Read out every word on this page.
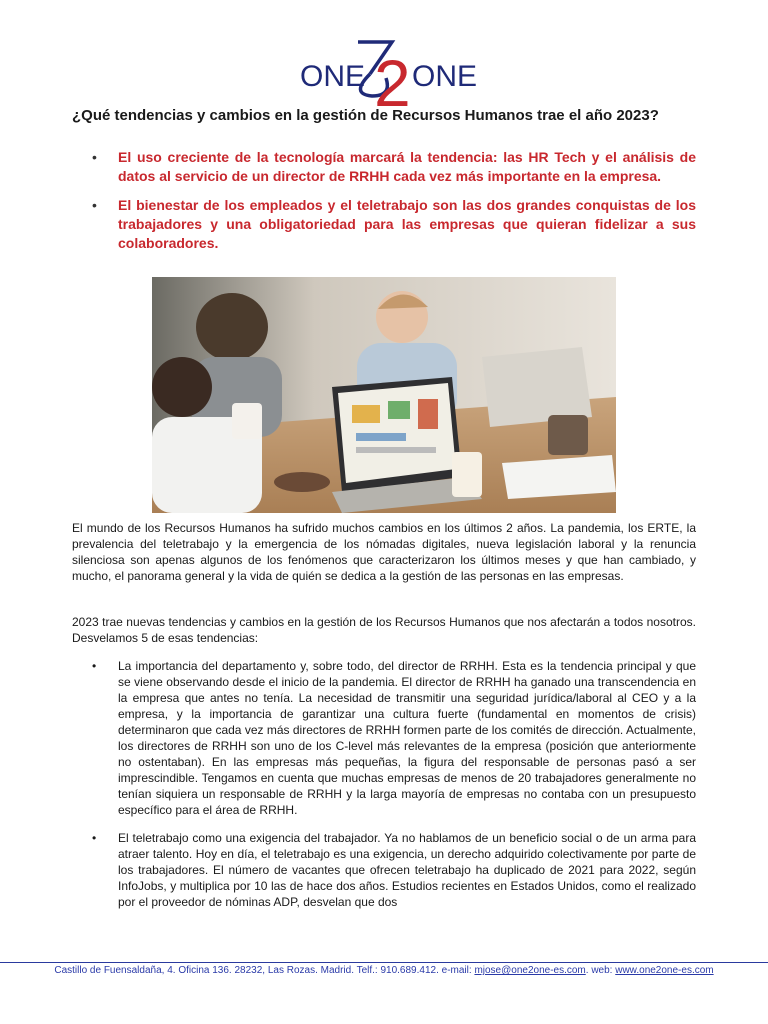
ONE 2 ONE
¿Qué tendencias y cambios en la gestión de Recursos Humanos trae el año 2023?
• El uso creciente de la tecnología marcará la tendencia: las HR Tech y el análisis de datos al servicio de un director de RRHH cada vez más importante en la empresa.
• El bienestar de los empleados y el teletrabajo son las dos grandes conquistas de los trabajadores y una obligatoriedad para las empresas que quieran fidelizar a sus colaboradores.

El mundo de los Recursos Humanos ha sufrido muchos cambios en los últimos 2 años. La pandemia, los ERTE, la prevalencia del teletrabajo y la emergencia de los nómadas digitales, nueva legislación laboral y la renuncia silenciosa son apenas algunos de los fenómenos que caracterizaron los últimos meses y que han cambiado, y mucho, el panorama general y la vida de quién se dedica a la gestión de las personas en las empresas.

2023 trae nuevas tendencias y cambios en la gestión de los Recursos Humanos que nos afectarán a todos nosotros. Desvelamos 5 de esas tendencias:

• La importancia del departamento y, sobre todo, del director de RRHH. Esta es la tendencia principal y que se viene observando desde el inicio de la pandemia. El director de RRHH ha ganado una transcendencia en la empresa que antes no tenía. La necesidad de transmitir una seguridad jurídica/laboral al CEO y a la empresa, y la importancia de garantizar una cultura fuerte (fundamental en momentos de crisis) determinaron que cada vez más directores de RRHH formen parte de los comités de dirección. Actualmente, los directores de RRHH son uno de los C-level más relevantes de la empresa (posición que anteriormente no ostentaban). En las empresas más pequeñas, la figura del responsable de personas pasó a ser imprescindible. Tengamos en cuenta que muchas empresas de menos de 20 trabajadores generalmente no tenían siquiera un responsable de RRHH y la larga mayoría de empresas no contaba con un presupuesto específico para el área de RRHH.
• El teletrabajo como una exigencia del trabajador. Ya no hablamos de un beneficio social o de un arma para atraer talento. Hoy en día, el teletrabajo es una exigencia, un derecho adquirido colectivamente por parte de los trabajadores. El número de vacantes que ofrecen teletrabajo ha duplicado de 2021 para 2022, según InfoJobs, y multiplica por 10 las de hace dos años. Estudios recientes en Estados Unidos, como el realizado por el proveedor de nóminas ADP, desvelan que dos
Castillo de Fuensaldaña, 4. Oficina 136. 28232, Las Rozas. Madrid. Telf.: 910.689.412. e-mail: mjose@one2one-es.com. web: www.one2one-es.com
